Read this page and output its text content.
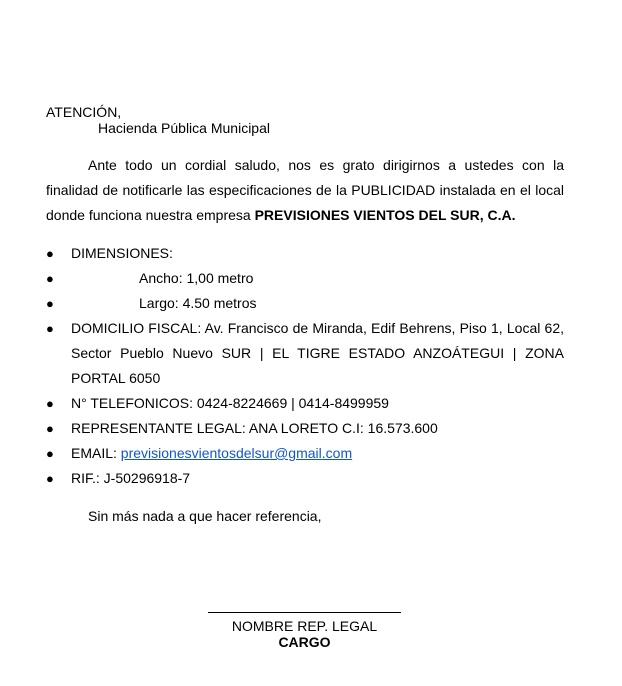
ATENCIÓN,
Hacienda Pública Municipal

Ante todo un cordial saludo, nos es grato dirigirnos a ustedes con la finalidad de notificarle las especificaciones de la PUBLICIDAD instalada en el local donde funciona nuestra empresa PREVISIONES VIENTOS DEL SUR, C.A.

● DIMENSIONES:
●	Ancho: 1,00 metro
●	Largo: 4.50 metros
● DOMICILIO FISCAL: Av. Francisco de Miranda, Edif Behrens, Piso 1, Local 62, Sector Pueblo Nuevo SUR | EL TIGRE ESTADO ANZOÁTEGUI | ZONA PORTAL 6050
● N° TELEFONICOS: 0424-8224669 | 0414-8499959
● REPRESENTANTE LEGAL: ANA LORETO C.I: 16.573.600
● EMAIL: previsionesvientosdelsur@gmail.com
● RIF.: J-50296918-7
Sin más nada a que hacer referencia,
NOMBRE REP. LEGAL
CARGO
